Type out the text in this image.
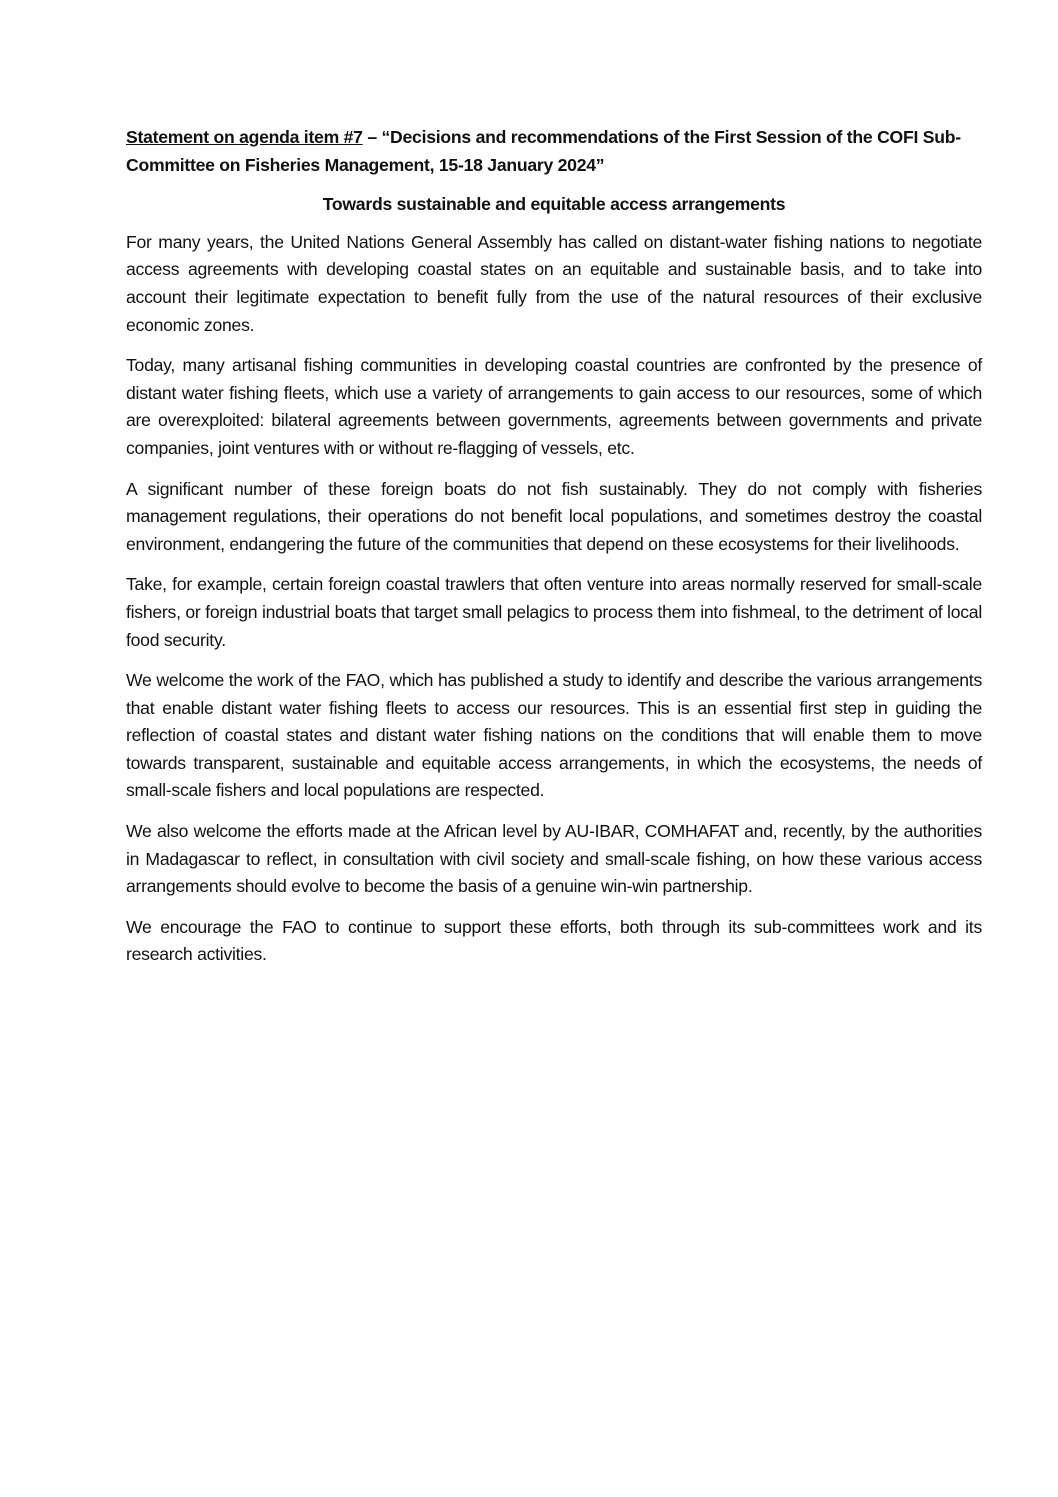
Statement on agenda item #7 – “Decisions and recommendations of the First Session of the COFI Sub-Committee on Fisheries Management, 15-18 January 2024”
Towards sustainable and equitable access arrangements

For many years, the United Nations General Assembly has called on distant-water fishing nations to negotiate access agreements with developing coastal states on an equitable and sustainable basis, and to take into account their legitimate expectation to benefit fully from the use of the natural resources of their exclusive economic zones.

Today, many artisanal fishing communities in developing coastal countries are confronted by the presence of distant water fishing fleets, which use a variety of arrangements to gain access to our resources, some of which are overexploited: bilateral agreements between governments, agreements between governments and private companies, joint ventures with or without re-flagging of vessels, etc.

A significant number of these foreign boats do not fish sustainably. They do not comply with fisheries management regulations, their operations do not benefit local populations, and sometimes destroy the coastal environment, endangering the future of the communities that depend on these ecosystems for their livelihoods.

Take, for example, certain foreign coastal trawlers that often venture into areas normally reserved for small-scale fishers, or foreign industrial boats that target small pelagics to process them into fishmeal, to the detriment of local food security.

We welcome the work of the FAO, which has published a study to identify and describe the various arrangements that enable distant water fishing fleets to access our resources. This is an essential first step in guiding the reflection of coastal states and distant water fishing nations on the conditions that will enable them to move towards transparent, sustainable and equitable access arrangements, in which the ecosystems, the needs of small-scale fishers and local populations are respected.

We also welcome the efforts made at the African level by AU-IBAR, COMHAFAT and, recently, by the authorities in Madagascar to reflect, in consultation with civil society and small-scale fishing, on how these various access arrangements should evolve to become the basis of a genuine win-win partnership.

We encourage the FAO to continue to support these efforts, both through its sub-committees work and its research activities.
